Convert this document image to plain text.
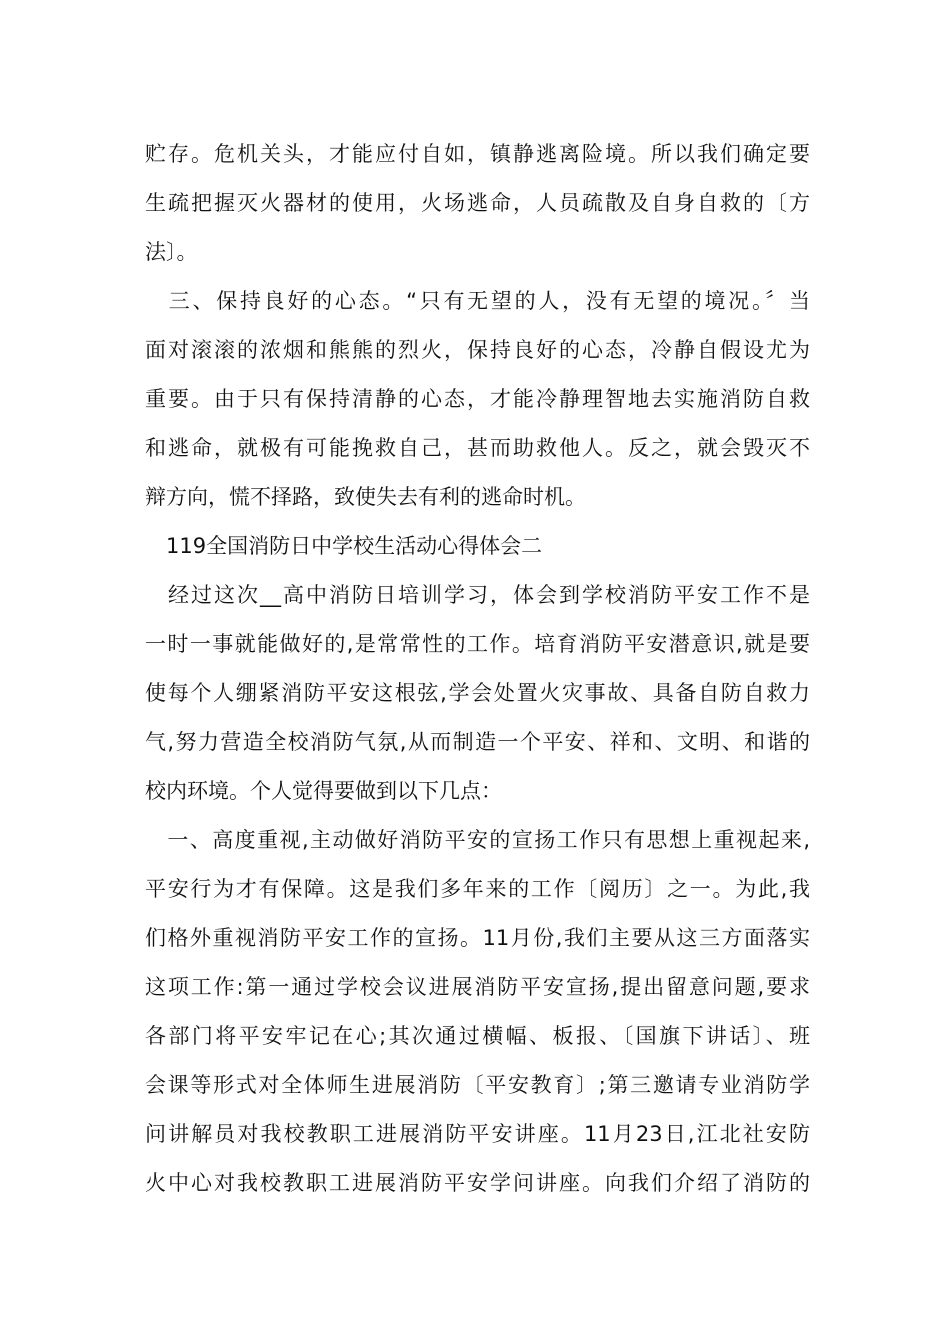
贮存。危机关头，才能应付自如，镇静逃离险境。所以我们确定要
生疏把握灭火器材的使用，火场逃命，人员疏散及自身自救的〔方
法〕。
　三、保持良好的心态。“只有无望的人，没有无望的境况。〞当
面对滚滚的浓烟和熊熊的烈火，保持良好的心态，冷静自假设尤为
重要。由于只有保持清静的心态，才能冷静理智地去实施消防自救
和逃命，就极有可能挽救自己，甚而助救他人。反之，就会毁灭不
辩方向，慌不择路，致使失去有利的逃命时机。
　119全国消防日中学校生活动心得体会二
　经过这次__高中消防日培训学习，体会到学校消防平安工作不是
一时一事就能做好的,是常常性的工作。培育消防平安潜意识,就是要
使每个人绷紧消防平安这根弦,学会处置火灾事故、具备自防自救力
气,努力营造全校消防气氛,从而制造一个平安、祥和、文明、和谐的
校内环境。个人觉得要做到以下几点：
　一、高度重视,主动做好消防平安的宣扬工作只有思想上重视起来,
平安行为才有保障。这是我们多年来的工作〔阅历〕之一。为此,我
们格外重视消防平安工作的宣扬。11月份,我们主要从这三方面落实
这项工作:第一通过学校会议进展消防平安宣扬,提出留意问题,要求
各部门将平安牢记在心;其次通过横幅、板报、〔国旗下讲话〕、班
会课等形式对全体师生进展消防〔平安教育〕;第三邀请专业消防学
问讲解员对我校教职工进展消防平安讲座。11月23日,江北社安防
火中心对我校教职工进展消防平安学问讲座。向我们介绍了消防的
